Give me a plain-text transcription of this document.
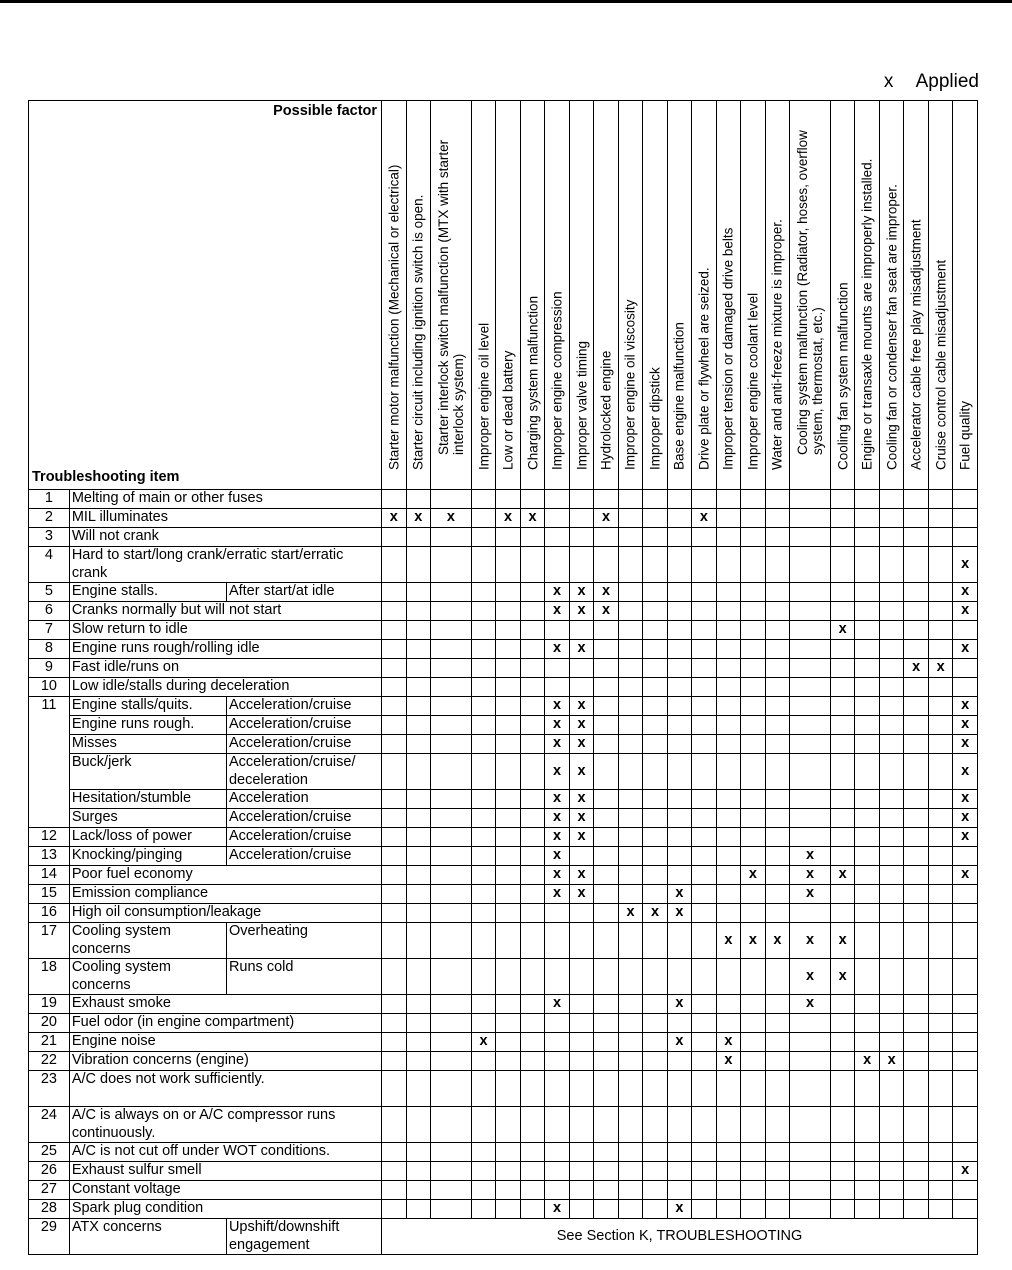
x Applied
Possible factor
Troubleshooting item			Starter motor malfunction (Mechanical or electrical)	Starter circuit including ignition switch is open.	Starter interlock switch malfunction (MTX with starter interlock system)	Improper engine oil level	Low or dead battery	Charging system malfunction	Improper engine compression	Improper valve timing	Hydrolocked engine	Improper engine oil viscosity	Improper dipstick	Base engine malfunction	Drive plate or flywheel are seized.	Improper tension or damaged drive belts	Improper engine coolant level	Water and anti-freeze mixture is improper.	Cooling system malfunction (Radiator, hoses, overflow system, thermostat, etc.)	Cooling fan system malfunction	Engine or transaxle mounts are improperly installed.	Cooling fan or condenser fan seat are improper.	Accelerator cable free play misadjustment	Cruise control cable misadjustment	Fuel quality

1	Melting of main or other fuses																								
2	MIL illuminates		x	x	x		x	x			x				x										
3	Will not crank																								
4	Hard to start/long crank/erratic start/erratic crank																								x
5	Engine stalls.	After start/at idle							x	x	x														x
6	Cranks normally but will not start								x	x	x														x
7	Slow return to idle																			x					
8	Engine runs rough/rolling idle								x	x															x
9	Fast idle/runs on																						x	x	
10	Low idle/stalls during deceleration																								
11	Engine stalls/quits.	Acceleration/cruise							x	x															x
	Engine runs rough.	Acceleration/cruise							x	x															x
	Misses	Acceleration/cruise							x	x															x
	Buck/jerk	Acceleration/cruise/ deceleration							x	x															x
	Hesitation/stumble	Acceleration							x	x															x
	Surges	Acceleration/cruise							x	x															x
12	Lack/loss of power	Acceleration/cruise							x	x															x
13	Knocking/pinging	Acceleration/cruise							x										x						
14	Poor fuel economy								x	x							x		x	x					x
15	Emission compliance								x	x				x					x						
16	High oil consumption/leakage											x	x	x											
17	Cooling system concerns	Overheating														x	x	x	x	x					
18	Cooling system concerns	Runs cold																	x	x					
19	Exhaust smoke								x					x					x						
20	Fuel odor (in engine compartment)																								
21	Engine noise					x								x		x									
22	Vibration concerns (engine)															x					x	x			
23	A/C does not work sufficiently.																								
24	A/C is always on or A/C compressor runs continuously.																								
25	A/C is not cut off under WOT conditions.																								
26	Exhaust sulfur smell																								x
27	Constant voltage																								
28	Spark plug condition								x					x											
29	ATX concerns	Upshift/downshift engagement	See Section K, TROUBLESHOOTING																						
